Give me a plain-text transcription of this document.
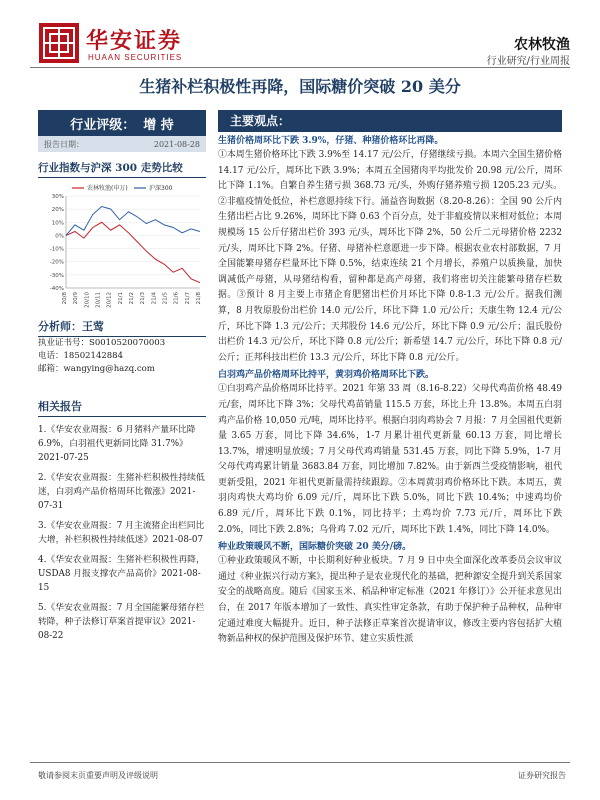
华安证券
HUAAN SECURITIES
农林牧渔
行业研究/行业周报
生猪补栏积极性再降，国际糖价突破 20 美分
行业评级： 增 持
报告日期：	2021-08-28
行业指数与沪深 300 走势比较
30%
20%
10%
0%
-10%
-20%
-30%
-40%
20/8 20/9 20/10 20/11 20/12 21/1 21/2 21/3 21/4 21/5 21/6 21/7 21/8
农林牧渔(申万)	沪深300
分析师：王莺
执业证书号：S0010520070003
电话：18502142884
邮箱：wangying@hazq.com
相关报告
1.《华安农业周报：6 月猪料产量环比降 6.9%，白羽祖代更新同比降 31.7%》2021-07-25
2.《华安农业周报：生猪补栏积极性持续低迷，白羽鸡产品价格周环比微涨》2021-07-31
3.《华安农业周报：7 月主流猪企出栏同比大增，补栏积极性持续低迷》2021-08-07
4.《华安农业周报：生猪补栏积极性再降，USDA8 月报支撑农产品高价》2021-08-15
5.《华安农业周报：7 月全国能繁母猪存栏转降，种子法修订草案首提审议》2021-08-22
主要观点：
生猪价格周环比下跌 3.9%，仔猪、种猪价格环比再降。
①本周生猪价格环比下跌 3.9%至 14.17 元/公斤，仔猪继续亏损。本周六全国生猪价格 14.17 元/公斤，周环比下跌 3.9%；本周五全国猪肉平均批发价 20.98 元/公斤，周环比下降 1.1%。自繁自养生猪亏损 368.73 元/头，外购仔猪养殖亏损 1205.23 元/头。②非瘟疫情处低位，补栏意愿持续下行。涌益咨询数据（8.20-8.26）：全国 90 公斤内生猪出栏占比 9.26%，周环比下降 0.63 个百分点，处于非瘟疫情以来相对低位；本周规模场 15 公斤仔猪出栏价 393 元/头，周环比下降 2%，50 公斤二元母猪价格 2232 元/头，周环比下降 2%。仔猪、母猪补栏意愿进一步下降。根据农业农村部数据，7 月全国能繁母猪存栏量环比下降 0.5%，结束连续 21 个月增长，养殖户以质换量，加快调减低产母猪，从母猪结构看，留种都是高产母猪，我们将密切关注能繁母猪存栏数据。③预计 8 月主要上市猪企育肥猪出栏价月环比下降 0.8-1.3 元/公斤。据我们测算，8 月牧原股份出栏价 14.0 元/公斤，环比下降 1.0 元/公斤；天康生物 12.4 元/公斤，环比下降 1.3 元/公斤；天邦股份 14.6 元/公斤，环比下降 0.9 元/公斤；温氏股份出栏价 14.3 元/公斤，环比下降 0.8 元/公斤；新希望 14.7 元/公斤，环比下降 0.8 元/公斤；正邦科技出栏价 13.3 元/公斤，环比下降 0.8 元/公斤。
白羽鸡产品价格周环比持平，黄羽鸡价格周环比下跌。
①白羽鸡产品价格周环比持平。2021 年第 33 周（8.16-8.22）父母代鸡苗价格 48.49 元/套，周环比下降 3%；父母代鸡苗销量 115.5 万套，环比上升 13.8%。本周五白羽鸡产品价格 10,050 元/吨，周环比持平。根据白羽肉鸡协会 7 月报：7 月全国祖代更新量 3.65 万套，同比下降 34.6%，1-7 月累计祖代更新量 60.13 万套，同比增长 13.7%，增速明显放缓；7 月父母代鸡鸡销量 531.45 万套，同比下降 5.9%，1-7 月父母代鸡鸡累计销量 3683.84 万套，同比增加 7.82%。由于新西兰受疫情影响，祖代更新受阻，2021 年祖代更新量需持续跟踪。②本周黄羽鸡价格环比下跌。本周五，黄羽肉鸡快大鸡均价 6.09 元/斤，周环比下跌 5.0%，同比下跌 10.4%；中速鸡均价 6.89 元/斤，周环比下跌 0.1%，同比持平；土鸡均价 7.73 元/斤，周环比下跌 2.0%，同比下跌 2.8%；乌骨鸡 7.02 元/斤，周环比下跌 1.4%，同比下降 14.0%。
种业政策暖风不断，国际糖价突破 20 美分/磅。
①种业政策暖风不断，中长期利好种业板块。7 月 9 日中央全面深化改革委员会议审议通过《种业振兴行动方案》，提出种子是农业现代化的基础，把种源安全提升到关系国家安全的战略高度。随后《国家玉米、稻品种审定标准（2021 年修订）》公开征求意见出台，在 2017 年版本增加了一致性、真实性审定条款，有助于保护种子品种权，品种审定通过难度大幅提升。近日，种子法修正草案首次提请审议，修改主要内容包括扩大植物新品种权的保护范围及保护环节、建立实质性派
敬请参阅末页重要声明及评级说明	证券研究报告
